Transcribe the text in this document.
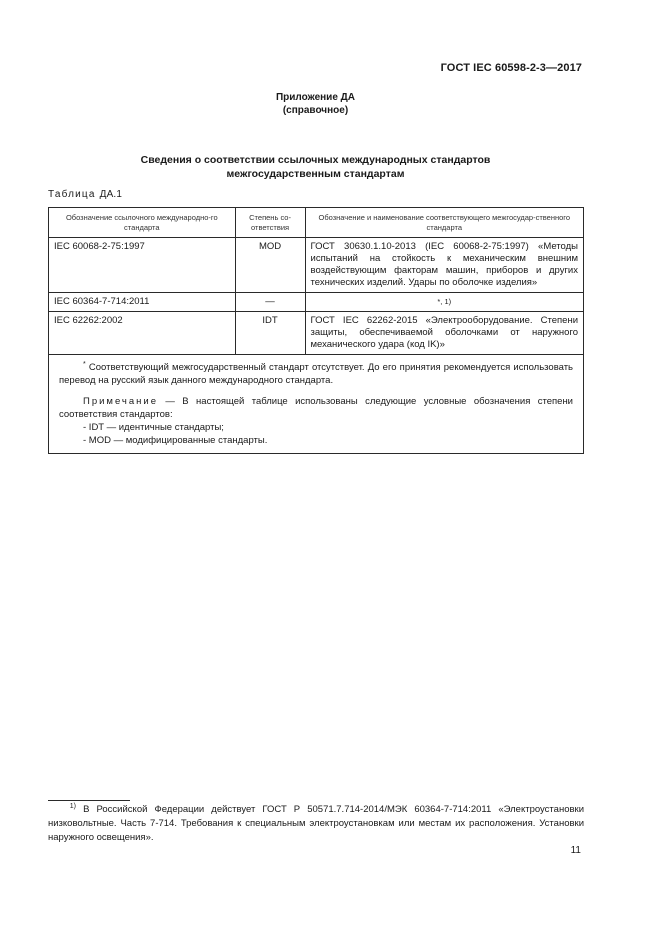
ГОСТ IEC 60598-2-3—2017
Приложение ДА
(справочное)
Сведения о соответствии ссылочных международных стандартов
межгосударственным стандартам
Таблица ДА.1
Обозначение ссылочного международно-го стандарта	Степень со-ответствия	Обозначение и наименование соответствующего межгосудар-ственного стандарта
IEC 60068-2-75:1997	MOD	ГОСТ 30630.1.10-2013 (IEC 60068-2-75:1997) «Методы испытаний на стойкость к механическим внешним воздействующим факторам машин, приборов и других технических изделий. Удары по оболочке изделия»
IEC 60364-7-714:2011	—	*, 1)
IEC 62262:2002	IDT	ГОСТ IEC 62262-2015 «Электрооборудование. Степени защиты, обеспечиваемой оболочками от наружного механического удара (код IK)»

* Соответствующий межгосударственный стандарт отсутствует. До его принятия рекомендуется использовать перевод на русский язык данного международного стандарта.

Примечание — В настоящей таблице использованы следующие условные обозначения степени соответствия стандартов:

- IDT — идентичные стандарты;

- MOD — модифицированные стандарты.		

$^{1)}$ В Российской Федерации действует ГОСТ Р 50571.7.714-2014/МЭК 60364-7-714:2011 «Электроустановки низковольтные. Часть 7-714. Требования к специальным электроустановкам или местам их расположения. Установки наружного освещения».
11
